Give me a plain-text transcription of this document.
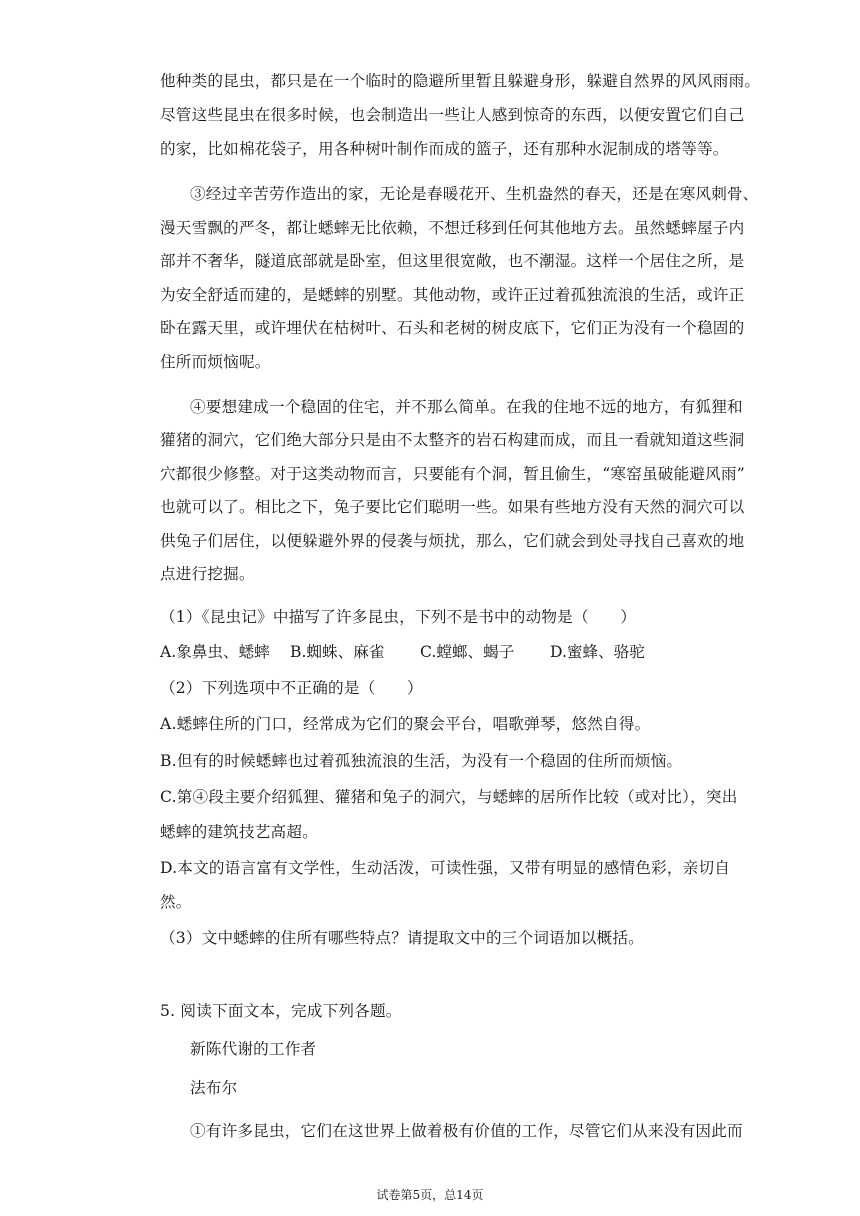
他种类的昆虫，都只是在一个临时的隐避所里暂且躲避身形，躲避自然界的风风雨雨。
尽管这些昆虫在很多时候，也会制造出一些让人感到惊奇的东西，以便安置它们自己
的家，比如棉花袋子，用各种树叶制作而成的篮子，还有那种水泥制成的塔等等。
③经过辛苦劳作造出的家，无论是春暖花开、生机盎然的春天，还是在寒风刺骨、
漫天雪飘的严冬，都让蟋蟀无比依赖，不想迁移到任何其他地方去。虽然蟋蟀屋子内
部并不奢华，隧道底部就是卧室，但这里很宽敞，也不潮湿。这样一个居住之所，是
为安全舒适而建的，是蟋蟀的别墅。其他动物，或许正过着孤独流浪的生活，或许正
卧在露天里，或许埋伏在枯树叶、石头和老树的树皮底下，它们正为没有一个稳固的
住所而烦恼呢。
④要想建成一个稳固的住宅，并不那么简单。在我的住地不远的地方，有狐狸和
獾猪的洞穴，它们绝大部分只是由不太整齐的岩石构建而成，而且一看就知道这些洞
穴都很少修整。对于这类动物而言，只要能有个洞，暂且偷生，“寒窑虽破能避风雨”
也就可以了。相比之下，兔子要比它们聪明一些。如果有些地方没有天然的洞穴可以
供兔子们居住，以便躲避外界的侵袭与烦扰，那么，它们就会到处寻找自己喜欢的地
点进行挖掘。
（1）《昆虫记》中描写了许多昆虫，下列不是书中的动物是（　　）
A.象鼻虫、蟋蟀 B.蜘蛛、麻雀 C.螳螂、蝎子 D.蜜蜂、骆驼
（2）下列选项中不正确的是（　　）
A.蟋蟀住所的门口，经常成为它们的聚会平台，唱歌弹琴，悠然自得。
B.但有的时候蟋蟀也过着孤独流浪的生活，为没有一个稳固的住所而烦恼。
C.第④段主要介绍狐狸、獾猪和兔子的洞穴，与蟋蟀的居所作比较（或对比），突出
蟋蟀的建筑技艺高超。
D.本文的语言富有文学性，生动活泼，可读性强，又带有明显的感情色彩，亲切自
然。
（3）文中蟋蟀的住所有哪些特点？请提取文中的三个词语加以概括。
5. 阅读下面文本，完成下列各题。
新陈代谢的工作者
法布尔
①有许多昆虫，它们在这世界上做着极有价值的工作，尽管它们从来没有因此而
试卷第5页，总14页
